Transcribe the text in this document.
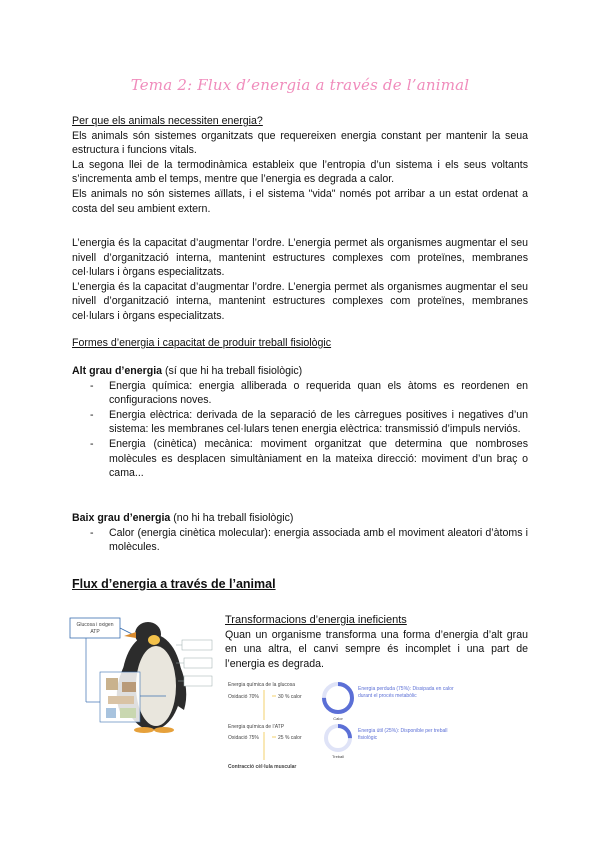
Tema 2: Flux d’energia a través de l’animal

Per que els animals necessiten energia?

Els animals són sistemes organitzats que requereixen energia constant per mantenir la seua estructura i funcions vitals.

La segona llei de la termodinàmica estableix que l’entropia d’un sistema i els seus voltants s’incrementa amb el temps, mentre que l’energia es degrada a calor.

Els animals no són sistemes aïllats, i el sistema "vida" només pot arribar a un estat ordenat a costa del seu ambient extern.

L’energia és la capacitat d’augmentar l’ordre. L’energia permet als organismes augmentar el seu nivell d’organització interna, mantenint estructures complexes com proteïnes, membranes cel·lulars i òrgans especialitzats.

L’energia és la capacitat d’augmentar l’ordre. L’energia permet als organismes augmentar el seu nivell d’organització interna, mantenint estructures complexes com proteïnes, membranes cel·lulars i òrgans especialitzats.

Formes d’energia i capacitat de produir treball fisiològic

Alt grau d’energia (sí que hi ha treball fisiològic)

- Energia química: energia alliberada o requerida quan els àtoms es reordenen en configuracions noves.
- Energia elèctrica: derivada de la separació de les càrregues positives i negatives d’un sistema: les membranes cel·lulars tenen energia elèctrica: transmissió d’impuls nerviós.
- Energia (cinètica) mecànica: moviment organitzat que determina que nombroses molècules es desplacen simultàniament en la mateixa direcció: moviment d’un braç o cama...

Baix grau d’energia (no hi ha treball fisiològic)

- Calor (energia cinètica molecular): energia associada amb el moviment aleatori d’àtoms i molècules.
Flux d’energia a través de l’animal
Glucosa i oxigen
ATP

Transformacions d’energia ineficients

Quan un organisme transforma una forma d’energia d’alt grau en una altra, el canvi sempre és incomplet i una part de l’energia es degrada.

Energia química de la glucosa
Oxidació 70%	30 % calor
Energia química de l’ATP
Oxidació 75%	25 % calor
Contracció cèl·lula muscular
Calor
Energia perduda (75%): Dissipada en calor
durant el procés metabòlic
Treball
Energia útil (25%): Disponible per treball
fisiològic
